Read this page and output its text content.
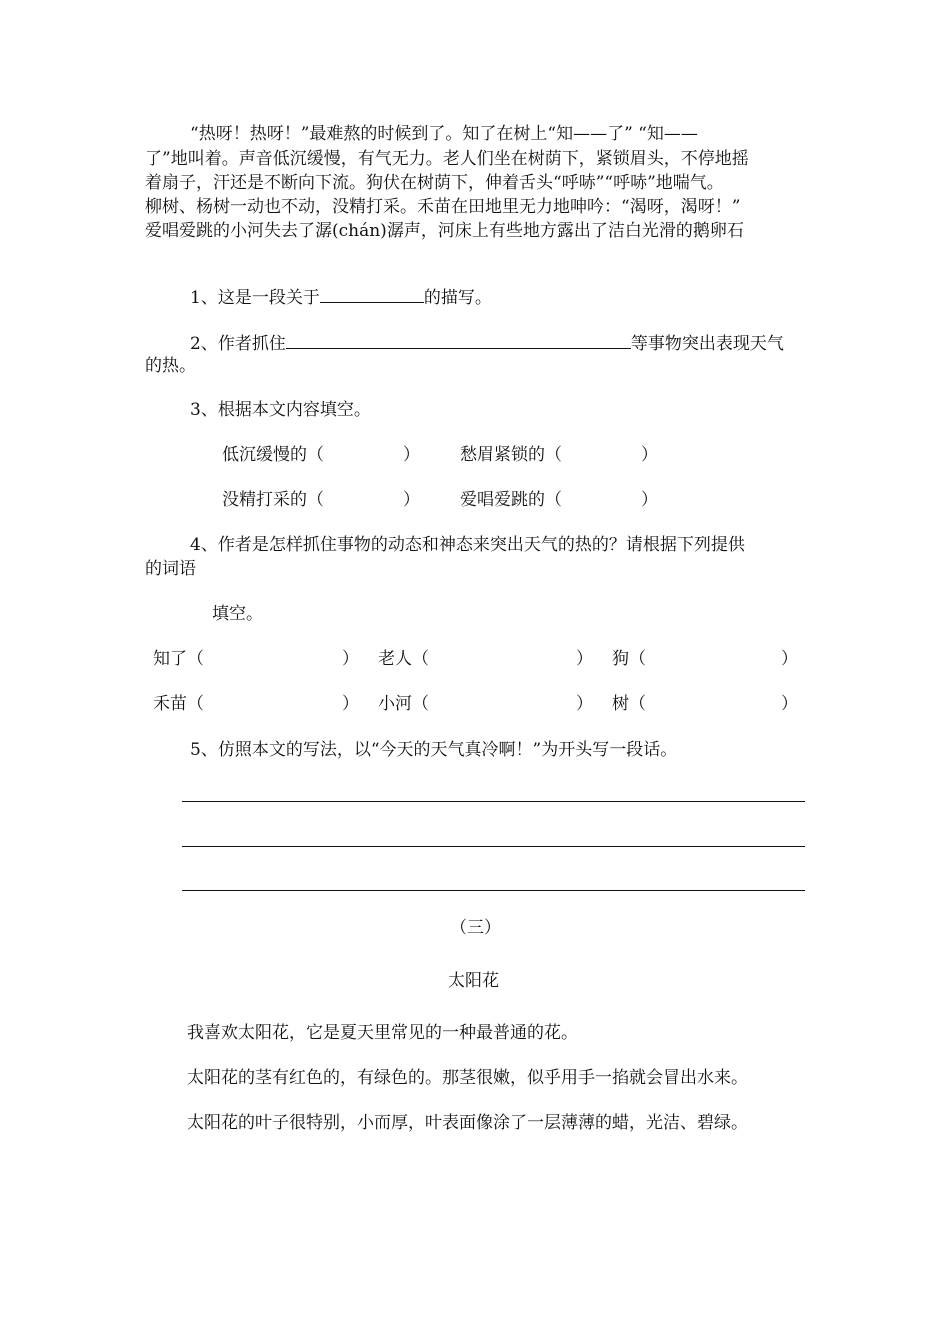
“热呀！热呀！”最难熬的时候到了。知了在树上“知——了” “知——
了”地叫着。声音低沉缓慢，有气无力。老人们坐在树荫下，紧锁眉头，不停地摇
着扇子，汗还是不断向下流。狗伏在树荫下，伸着舌头“呼哧”“呼哧”地喘气。
柳树、杨树一动也不动，没精打采。禾苗在田地里无力地呻吟：“渴呀，渴呀！”
爱唱爱跳的小河失去了潺(chán)潺声，河床上有些地方露出了洁白光滑的鹅卵石
1、这是一段关于	的描写。
2、作者抓住	等事物突出表现天气
的热。
3、根据本文内容填空。
低沉缓慢的（	） 愁眉紧锁的（	）
没精打采的（	） 爱唱爱跳的（	）
4、作者是怎样抓住事物的动态和神态来突出天气的热的？请根据下列提供
的词语
填空。
知了（	） 老人（	） 狗（	）
禾苗（	） 小河（	） 树（	）
5、仿照本文的写法，以“今天的天气真冷啊！”为开头写一段话。
（三）
太阳花
我喜欢太阳花，它是夏天里常见的一种最普通的花。
太阳花的茎有红色的，有绿色的。那茎很嫩，似乎用手一掐就会冒出水来。
太阳花的叶子很特别，小而厚，叶表面像涂了一层薄薄的蜡，光洁、碧绿。
